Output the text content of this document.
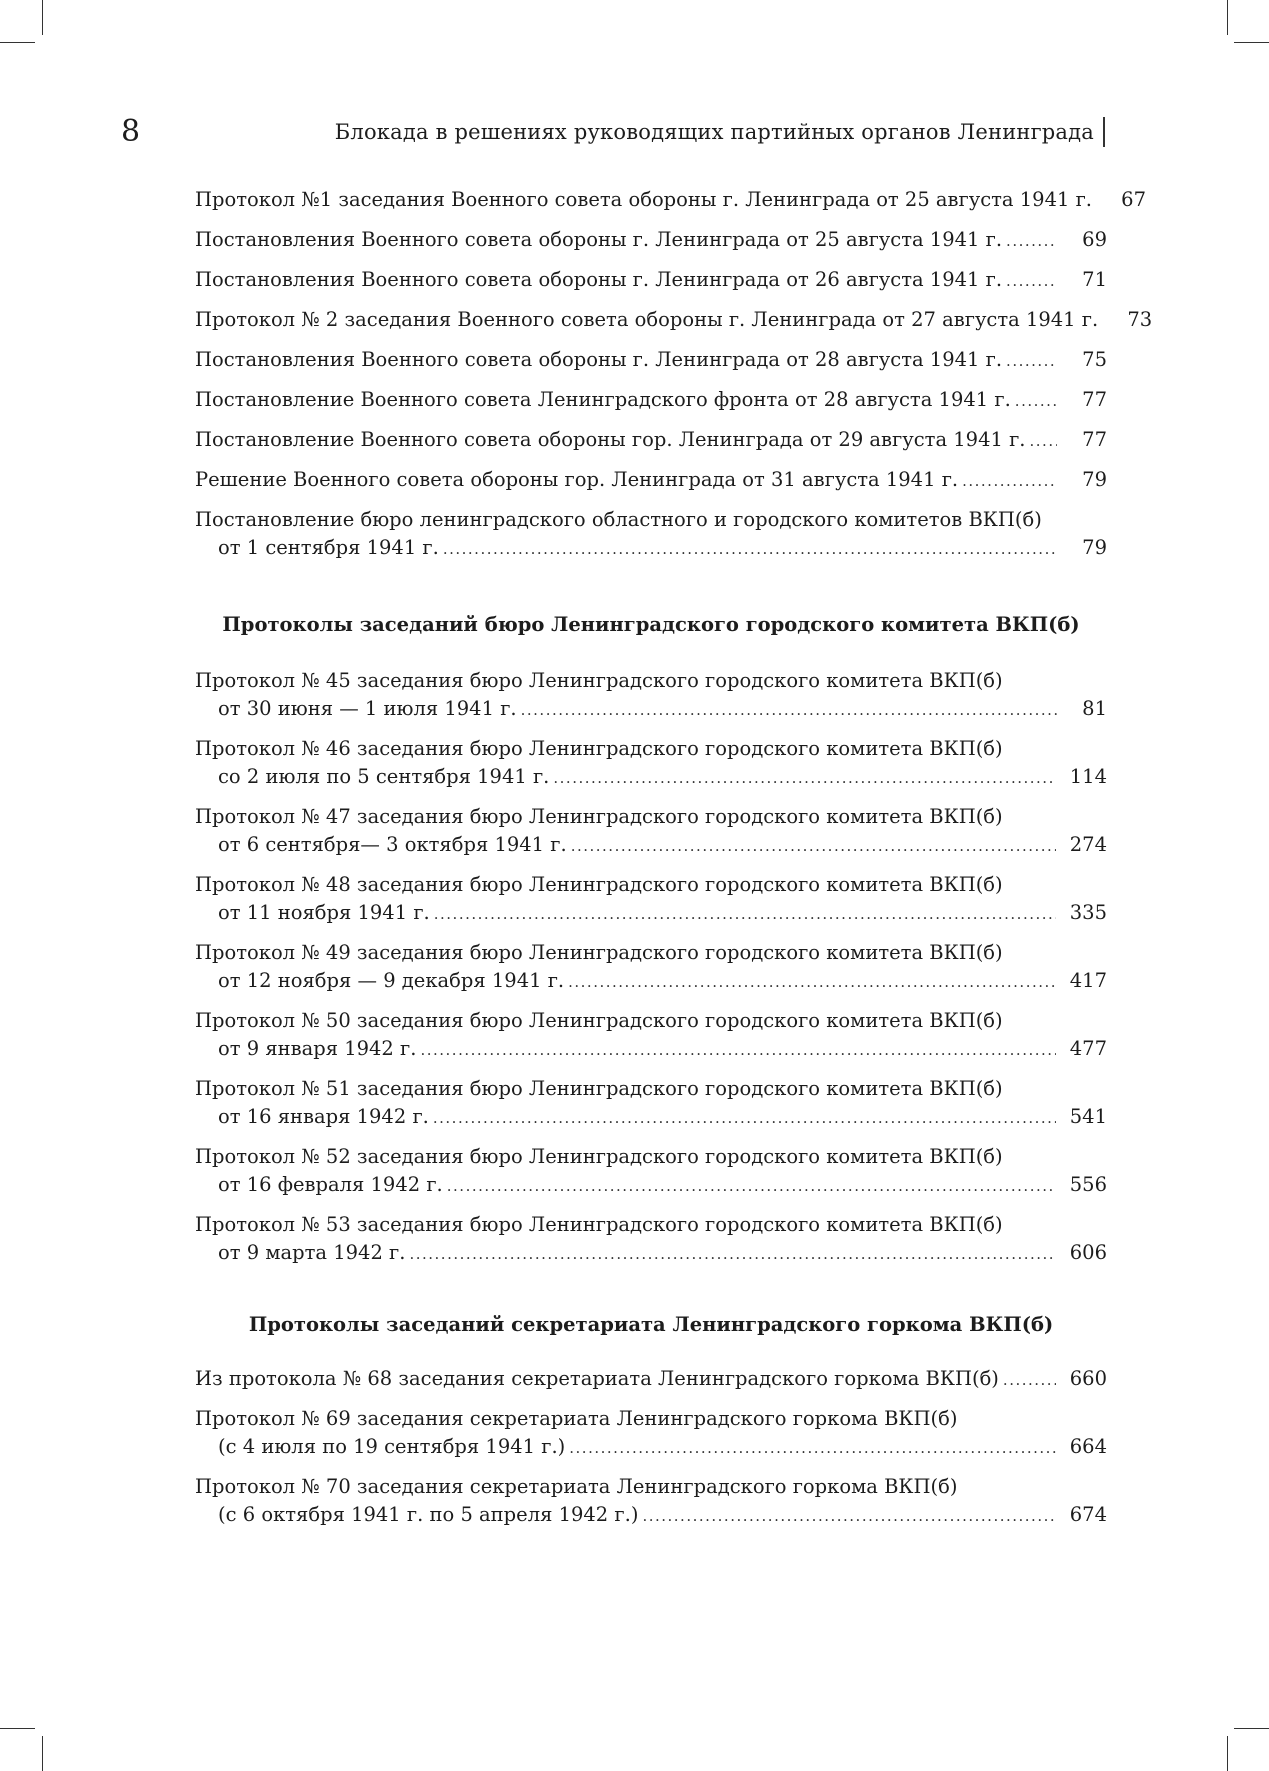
8	Блокада в решениях руководящих партийных органов Ленинграда
Протокол №1 заседания Военного совета обороны г. Ленинграда от 25 августа 1941 г. .....	67
Постановления Военного совета обороны г. Ленинграда от 25 августа 1941 г. .....	69
Постановления Военного совета обороны г. Ленинграда от 26 августа 1941 г. .....	71
Протокол № 2 заседания Военного совета обороны г. Ленинграда от 27 августа 1941 г. .....	73
Постановления Военного совета обороны г. Ленинграда от 28 августа 1941 г. .....	75
Постановление Военного совета Ленинградского фронта от 28 августа 1941 г. .....	77
Постановление Военного совета обороны гор. Ленинграда от 29 августа 1941 г. .....	77
Решение Военного совета обороны гор. Ленинграда от 31 августа 1941 г. .....	79
Постановление бюро ленинградского областного и городского комитетов ВКП(б)
от 1 сентября 1941 г. .....	79
Протоколы заседаний бюро Ленинградского городского комитета ВКП(б)
Протокол № 45 заседания бюро Ленинградского городского комитета ВКП(б)
от 30 июня — 1 июля 1941 г. .....	81
Протокол № 46 заседания бюро Ленинградского городского комитета ВКП(б)
со 2 июля по 5 сентября 1941 г. .....	114
Протокол № 47 заседания бюро Ленинградского городского комитета ВКП(б)
от 6 сентября— 3 октября 1941 г. .....	274
Протокол № 48 заседания бюро Ленинградского городского комитета ВКП(б)
от 11 ноября 1941 г. .....	335
Протокол № 49 заседания бюро Ленинградского городского комитета ВКП(б)
от 12 ноября — 9 декабря 1941 г. .....	417
Протокол № 50 заседания бюро Ленинградского городского комитета ВКП(б)
от 9 января 1942 г. .....	477
Протокол № 51 заседания бюро Ленинградского городского комитета ВКП(б)
от 16 января 1942 г. .....	541
Протокол № 52 заседания бюро Ленинградского городского комитета ВКП(б)
от 16 февраля 1942 г. .....	556
Протокол № 53 заседания бюро Ленинградского городского комитета ВКП(б)
от 9 марта 1942 г. .....	606
Протоколы заседаний секретариата Ленинградского горкома ВКП(б)
Из протокола № 68 заседания секретариата Ленинградского горкома ВКП(б) .....	660
Протокол № 69 заседания секретариата Ленинградского горкома ВКП(б)
(с 4 июля по 19 сентября 1941 г.) .....	664
Протокол № 70 заседания секретариата Ленинградского горкома ВКП(б)
(с 6 октября 1941 г. по 5 апреля 1942 г.) .....	674
